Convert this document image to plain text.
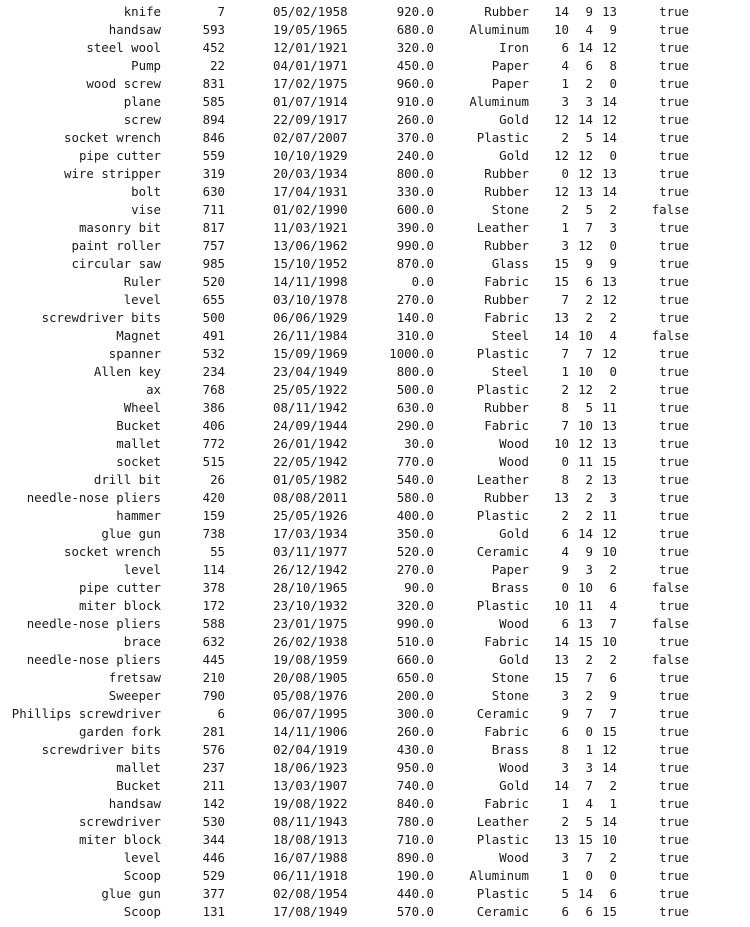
knife	7	05/02/1958	920.0	Rubber 14 9 13	true
handsaw	593	19/05/1965	680.0	Aluminum 10 4 9	true
steel wool	452	12/01/1921	320.0	Iron	6 14 12	true
Pump	22	04/01/1971	450.0	Paper	4 6 8	true
wood screw	831	17/02/1975	960.0	Paper	1 2 0	true
plane	585	01/07/1914	910.0	Aluminum	3 3 14	true
screw	894	22/09/1917	260.0	Gold 12 14 12	true
socket wrench	846	02/07/2007	370.0	Plastic	2 5 14	true
pipe cutter	559	10/10/1929	240.0	Gold 12 12 0	true
wire stripper	319	20/03/1934	800.0	Rubber	0 12 13	true
bolt	630	17/04/1931	330.0	Rubber 12 13 14	true
vise	711	01/02/1990	600.0	Stone	2 5 2	false
masonry bit	817	11/03/1921	390.0	Leather	1 7 3	true
paint roller	757	13/06/1962	990.0	Rubber	3 12 0	true
circular saw	985	15/10/1952	870.0	Glass 15 9 9	true
Ruler	520	14/11/1998	0.0	Fabric 15 6 13	true
level	655	03/10/1978	270.0	Rubber	7 2 12	true
screwdriver bits	500	06/06/1929	140.0	Fabric 13 2 2	true
Magnet	491	26/11/1984	310.0	Steel 14 10 4	false
spanner	532	15/09/1969	1000.0	Plastic	7 7 12	true
Allen key	234	23/04/1949	800.0	Steel	1 10 0	true
ax	768	25/05/1922	500.0	Plastic	2 12 2	true
Wheel	386	08/11/1942	630.0	Rubber	8 5 11	true
Bucket	406	24/09/1944	290.0	Fabric	7 10 13	true
mallet	772	26/01/1942	30.0	Wood 10 12 13	true
socket	515	22/05/1942	770.0	Wood	0 11 15	true
drill bit	26	01/05/1982	540.0	Leather	8 2 13	true
needle-nose pliers	420	08/08/2011	580.0	Rubber 13 2 3	true
hammer	159	25/05/1926	400.0	Plastic	2 2 11	true
glue gun	738	17/03/1934	350.0	Gold	6 14 12	true
socket wrench	55	03/11/1977	520.0	Ceramic	4 9 10	true
level	114	26/12/1942	270.0	Paper	9 3 2	true
pipe cutter	378	28/10/1965	90.0	Brass	0 10 6	false
miter block	172	23/10/1932	320.0	Plastic 10 11 4	true
needle-nose pliers	588	23/01/1975	990.0	Wood	6 13 7	false
brace	632	26/02/1938	510.0	Fabric 14 15 10	true
needle-nose pliers	445	19/08/1959	660.0	Gold 13 2 2	false
fretsaw	210	20/08/1905	650.0	Stone 15 7 6	true
Sweeper	790	05/08/1976	200.0	Stone	3 2 9	true
Phillips screwdriver	6	06/07/1995	300.0	Ceramic	9 7 7	true
garden fork	281	14/11/1906	260.0	Fabric	6 0 15	true
screwdriver bits	576	02/04/1919	430.0	Brass	8 1 12	true
mallet	237	18/06/1923	950.0	Wood	3 3 14	true
Bucket	211	13/03/1907	740.0	Gold 14 7 2	true
handsaw	142	19/08/1922	840.0	Fabric	1 4 1	true
screwdriver	530	08/11/1943	780.0	Leather	2 5 14	true
miter block	344	18/08/1913	710.0	Plastic 13 15 10	true
level	446	16/07/1988	890.0	Wood	3 7 2	true
Scoop	529	06/11/1918	190.0	Aluminum	1 0 0	true
glue gun	377	02/08/1954	440.0	Plastic	5 14 6	true
Scoop	131	17/08/1949	570.0	Ceramic	6 6 15	true
